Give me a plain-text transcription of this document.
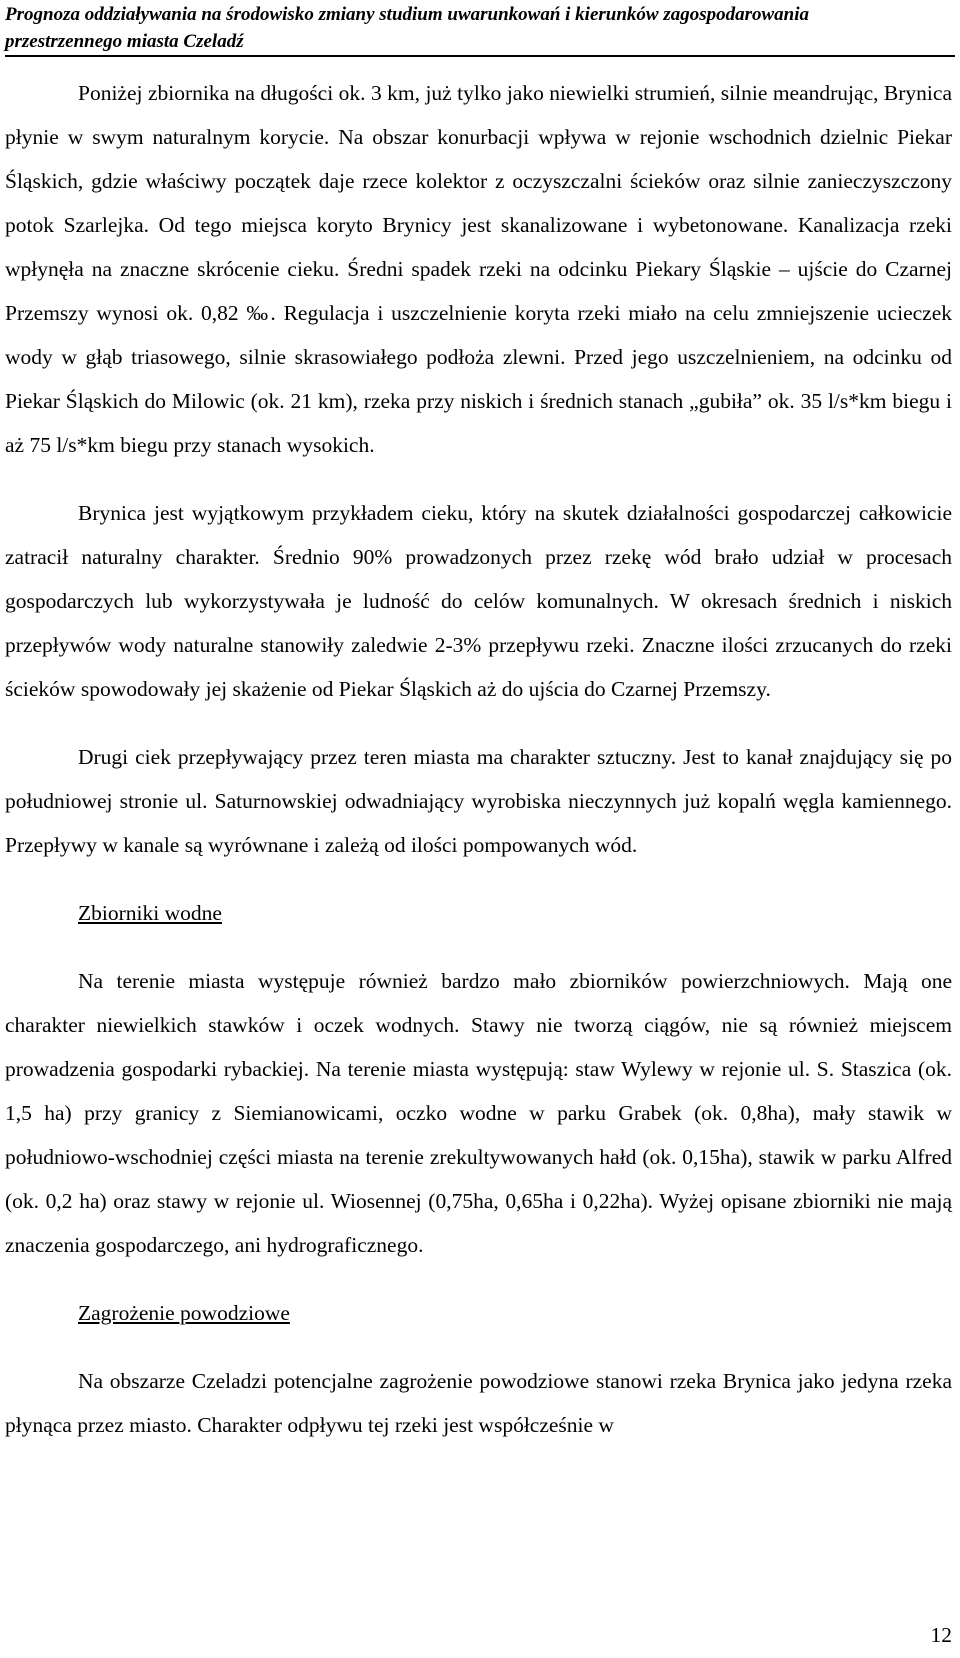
Prognoza oddziaływania na środowisko zmiany studium uwarunkowań i kierunków zagospodarowania
przestrzennego miasta Czeladź

Poniżej zbiornika na długości ok. 3 km, już tylko jako niewielki strumień, silnie meandrując, Brynica płynie w swym naturalnym korycie. Na obszar konurbacji wpływa w rejonie wschodnich dzielnic Piekar Śląskich, gdzie właściwy początek daje rzece kolektor z oczyszczalni ścieków oraz silnie zanieczyszczony potok Szarlejka. Od tego miejsca koryto Brynicy jest skanalizowane i wybetonowane. Kanalizacja rzeki wpłynęła na znaczne skrócenie cieku. Średni spadek rzeki na odcinku Piekary Śląskie – ujście do Czarnej Przemszy wynosi ok. 0,82 ‰. Regulacja i uszczelnienie koryta rzeki miało na celu zmniejszenie ucieczek wody w głąb triasowego, silnie skrasowiałego podłoża zlewni. Przed jego uszczelnieniem, na odcinku od Piekar Śląskich do Milowic (ok. 21 km), rzeka przy niskich i średnich stanach „gubiła” ok. 35 l/s*km biegu i aż 75 l/s*km biegu przy stanach wysokich.

Brynica jest wyjątkowym przykładem cieku, który na skutek działalności gospodarczej całkowicie zatracił naturalny charakter. Średnio 90% prowadzonych przez rzekę wód brało udział w procesach gospodarczych lub wykorzystywała je ludność do celów komunalnych. W okresach średnich i niskich przepływów wody naturalne stanowiły zaledwie 2-3% przepływu rzeki. Znaczne ilości zrzucanych do rzeki ścieków spowodowały jej skażenie od Piekar Śląskich aż do ujścia do Czarnej Przemszy.

Drugi ciek przepływający przez teren miasta ma charakter sztuczny. Jest to kanał znajdujący się po południowej stronie ul. Saturnowskiej odwadniający wyrobiska nieczynnych już kopalń węgla kamiennego. Przepływy w kanale są wyrównane i zależą od ilości pompowanych wód.

Zbiorniki wodne

Na terenie miasta występuje również bardzo mało zbiorników powierzchniowych. Mają one charakter niewielkich stawków i oczek wodnych. Stawy nie tworzą ciągów, nie są również miejscem prowadzenia gospodarki rybackiej. Na terenie miasta występują: staw Wylewy w rejonie ul. S. Staszica (ok. 1,5 ha) przy granicy z Siemianowicami, oczko wodne w parku Grabek (ok. 0,8ha), mały stawik w południowo-wschodniej części miasta na terenie zrekultywowanych hałd (ok. 0,15ha), stawik w parku Alfred (ok. 0,2 ha) oraz stawy w rejonie ul. Wiosennej (0,75ha, 0,65ha i 0,22ha). Wyżej opisane zbiorniki nie mają znaczenia gospodarczego, ani hydrograficznego.

Zagrożenie powodziowe

Na obszarze Czeladzi potencjalne zagrożenie powodziowe stanowi rzeka Brynica jako jedyna rzeka płynąca przez miasto. Charakter odpływu tej rzeki jest współcześnie w

12
